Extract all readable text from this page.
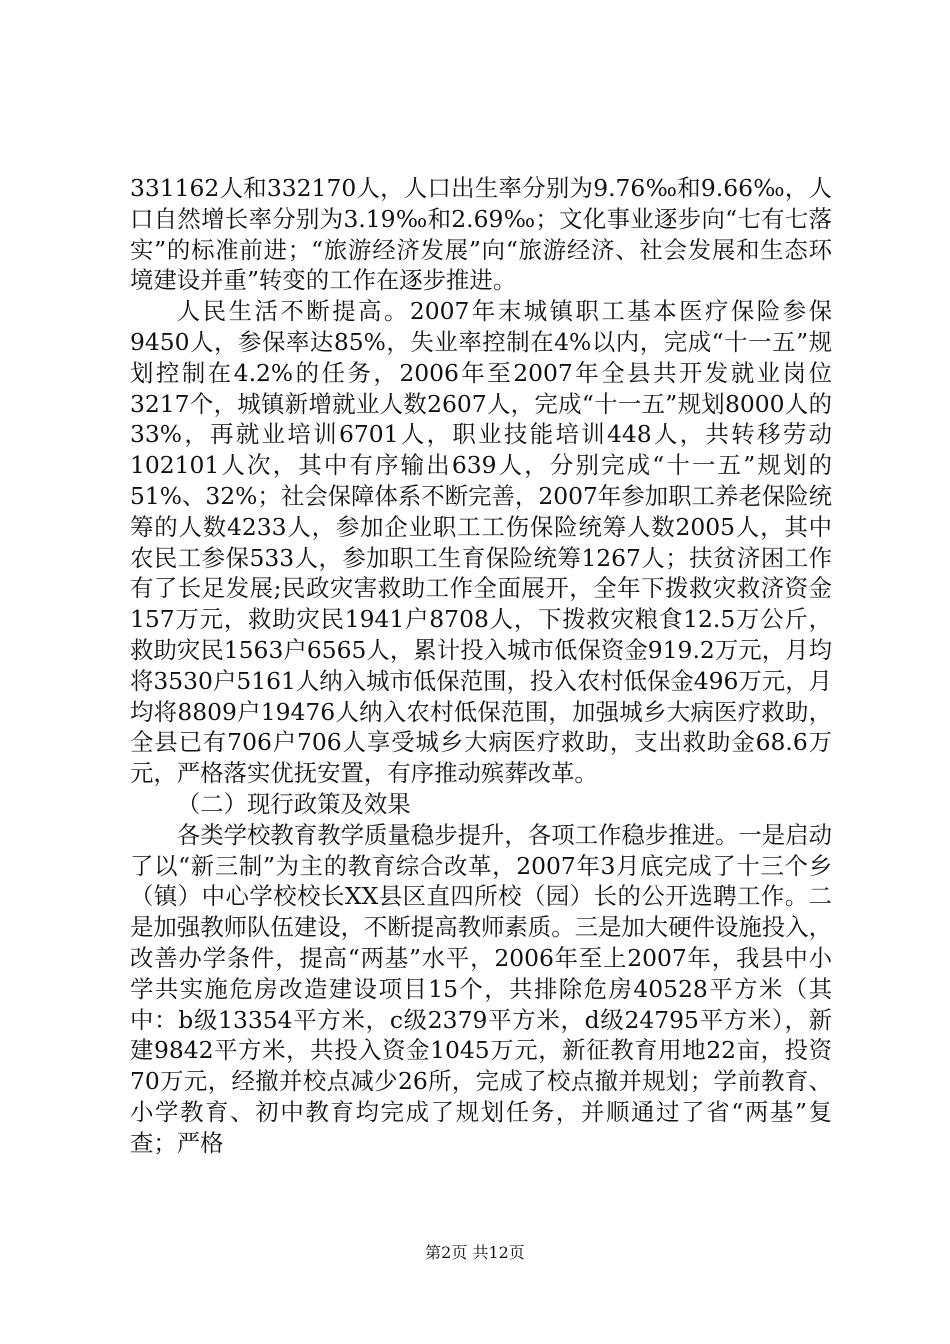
331162人和332170人，人口出生率分别为9.76‰和9.66‰，人口自然增长率分别为3.19‰和2.69‰；文化事业逐步向“七有七落实”的标准前进；“旅游经济发展”向“旅游经济、社会发展和生态环境建设并重”转变的工作在逐步推进。

人民生活不断提高。2007年末城镇职工基本医疗保险参保9450人，参保率达85%，失业率控制在4%以内，完成“十一五”规划控制在4.2%的任务，2006年至2007年全县共开发就业岗位3217个，城镇新增就业人数2607人，完成“十一五”规划8000人的33%，再就业培训6701人，职业技能培训448人，共转移劳动102101人次，其中有序输出639人，分别完成“十一五”规划的51%、32%；社会保障体系不断完善，2007年参加职工养老保险统筹的人数4233人，参加企业职工工伤保险统筹人数2005人，其中农民工参保533人，参加职工生育保险统筹1267人；扶贫济困工作有了长足发展;民政灾害救助工作全面展开，全年下拨救灾救济资金157万元，救助灾民1941户8708人，下拨救灾粮食12.5万公斤，救助灾民1563户6565人，累计投入城市低保资金919.2万元，月均将3530户5161人纳入城市低保范围，投入农村低保金496万元，月均将8809户19476人纳入农村低保范围，加强城乡大病医疗救助，全县已有706户706人享受城乡大病医疗救助，支出救助金68.6万元，严格落实优抚安置，有序推动殡葬改革。

（二）现行政策及效果

各类学校教育教学质量稳步提升，各项工作稳步推进。一是启动了以“新三制”为主的教育综合改革，2007年3月底完成了十三个乡（镇）中心学校校长XX县区直四所校（园）长的公开选聘工作。二是加强教师队伍建设，不断提高教师素质。三是加大硬件设施投入，改善办学条件，提高“两基”水平，2006年至上2007年，我县中小学共实施危房改造建设项目15个，共排除危房40528平方米（其中：b级13354平方米，c级2379平方米，d级24795平方米），新建9842平方米，共投入资金1045万元，新征教育用地22亩，投资70万元，经撤并校点减少26所，完成了校点撤并规划；学前教育、小学教育、初中教育均完成了规划任务，并顺通过了省“两基”复查；严格

第2页 共12页
